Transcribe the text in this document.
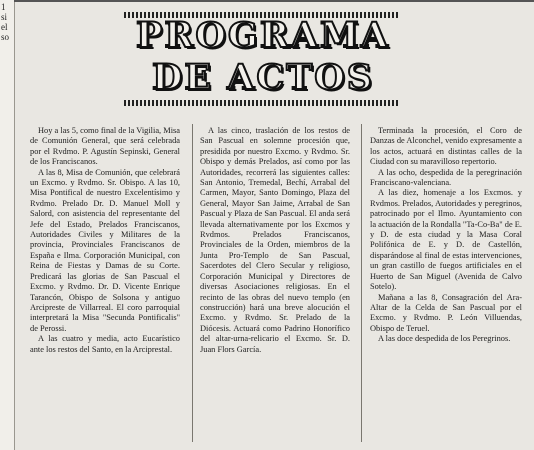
1
si
el
so	PROGRAMA
DE ACTOS

Hoy a las 5, como final de la Vigilia, Misa de Comunión General, que será celebrada por el Rvdmo. P. Agustín Sepinski, General de los Franciscanos.

A las 8, Misa de Comunión, que celebrará un Excmo. y Rvdmo. Sr. Obispo. A las 10, Misa Pontifical de nuestro Excelentísimo y Rvdmo. Prelado Dr. D. Manuel Moll y Salord, con asistencia del representante del Jefe del Estado, Prelados Franciscanos, Autoridades Civiles y Militares de la provincia, Provinciales Franciscanos de España e Ilma. Corporación Municipal, con Reina de Fiestas y Damas de su Corte. Predicará las glorias de San Pascual el Excmo. y Rvdmo. Dr. D. Vicente Enrique Tarancón, Obispo de Solsona y antiguo Arcipreste de Villarreal. El coro parroquial interpretará la Misa "Secunda Pontificalis" de Perossi.

A las cuatro y media, acto Eucarístico ante los restos del Santo, en la Arciprestal.

A las cinco, traslación de los restos de San Pascual en solemne procesión que, presidida por nuestro Excmo. y Rvdmo. Sr. Obispo y demás Prelados, así como por las Autoridades, recorrerá las siguientes calles: San Antonio, Tremedal, Bechí, Arrabal del Carmen, Mayor, Santo Domingo, Plaza del General, Mayor San Jaime, Arrabal de San Pascual y Plaza de San Pascual. El anda será llevada alternativamente por los Excmos y Rvdmos. Prelados Franciscanos, Provinciales de la Orden, miembros de la Junta Pro-Templo de San Pascual, Sacerdotes del Clero Secular y religioso, Corporación Municipal y Directores de diversas Asociaciones religiosas. En el recinto de las obras del nuevo templo (en construcción) hará una breve alocución el Excmo. y Rvdmo. Sr. Prelado de la Diócesis. Actuará como Padrino Honorífico del altar-urna-relicario el Excmo. Sr. D. Juan Flors García.

Terminada la procesión, el Coro de Danzas de Alconchel, venido expresamente a los actos, actuará en distintas calles de la Ciudad con su maravilloso repertorio.

A las ocho, despedida de la peregrinación Franciscano-valenciana.

A las diez, homenaje a los Excmos. y Rvdmos. Prelados, Autoridades y peregrinos, patrocinado por el Ilmo. Ayuntamiento con la actuación de la Rondalla "Ta-Co-Ba" de E. y D. de esta ciudad y la Masa Coral Polifónica de E. y D. de Castellón, disparándose al final de estas intervenciones, un gran castillo de fuegos artificiales en el Huerto de San Miguel (Avenida de Calvo Sotelo).

Mañana a las 8, Consagración del Ara-Altar de la Celda de San Pascual por el Excmo. y Rvdmo. P. León Villuendas, Obispo de Teruel.

A las doce despedida de los Peregrinos.
